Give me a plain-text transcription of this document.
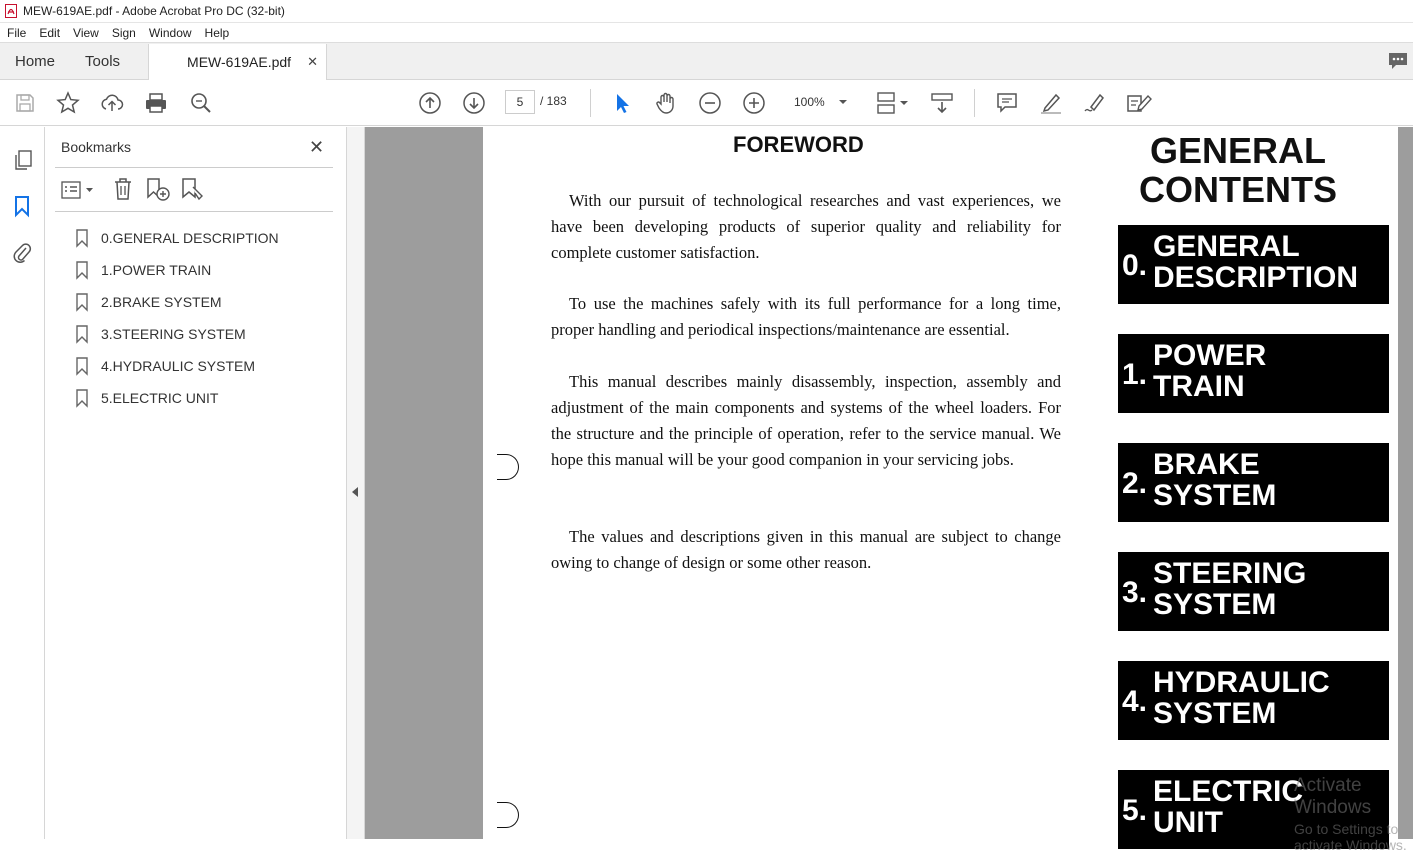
MEW-619AE.pdf - Adobe Acrobat Pro DC (32-bit)
File	Edit	View	Sign	Window	Help
Home	Tools	MEW-619AE.pdf ✕
5	/ 183	100%
Bookmarks	✕
0.GENERAL DESCRIPTION
1.POWER TRAIN
2.BRAKE SYSTEM
3.STEERING SYSTEM
4.HYDRAULIC SYSTEM
5.ELECTRIC UNIT
FOREWORD
With our pursuit of technological researches and vast experiences, we have been developing products of superior quality and reliability for complete customer satisfaction.
To use the machines safely with its full performance for a long time, proper handling and periodical inspections/maintenance are essential.
This manual describes mainly disassembly, inspection, assembly and adjustment of the main components and systems of the wheel loaders. For the structure and the principle of operation, refer to the service manual. We hope this manual will be your good companion in your servicing jobs.
The values and descriptions given in this manual are subject to change owing to change of design or some other reason.
GENERAL
CONTENTS
0.
GENERAL
DESCRIPTION
1.
POWER
TRAIN
2.
BRAKE
SYSTEM
3.
STEERING
SYSTEM
4.
HYDRAULIC
SYSTEM
5.
ELECTRIC
UNIT
Activate Windows
Go to Settings to activate Windows.
